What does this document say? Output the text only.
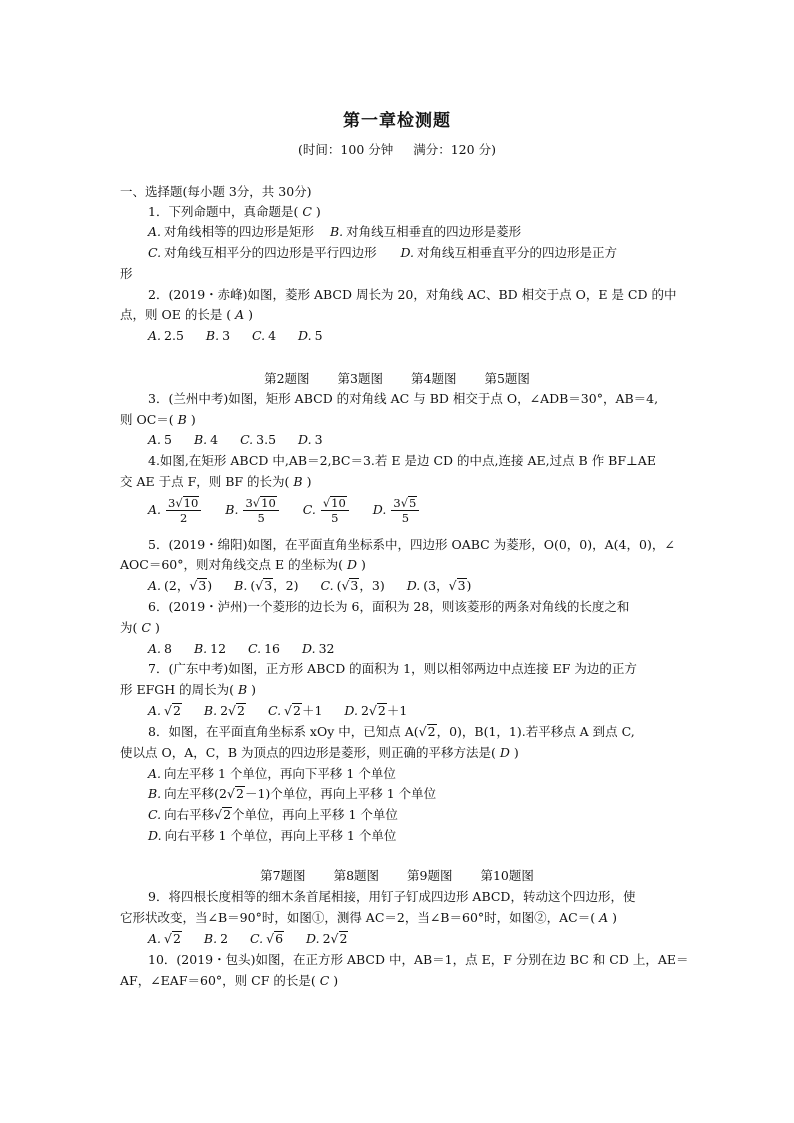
第一章检测题
(时间：100 分钟 满分：120 分)
一、选择题(每小题 3分，共 30分)
1．下列命题中，真命题是( C )
A. 对角线相等的四边形是矩形 B. 对角线互相垂直的四边形是菱形
C. 对角线互相平分的四边形是平行四边形 D. 对角线互相垂直平分的四边形是正方
形
2．(2019・赤峰)如图，菱形 ABCD 周长为 20，对角线 AC、BD 相交于点 O，E 是 CD 的中
点，则 OE 的长是 ( A )
A. 2.5 B. 3 C. 4 D. 5
第2题图 第3题图 第4题图 第5题图
3．(兰州中考)如图，矩形 ABCD 的对角线 AC 与 BD 相交于点 O，∠ADB＝30°，AB＝4,
则 OC＝( B )
A. 5 B. 4 C. 3.5 D. 3
4.如图,在矩形 ABCD 中,AB＝2,BC＝3.若 E 是边 CD 的中点,连接 AE,过点 B 作 BF⊥AE
交 AE 于点 F，则 BF 的长为( B )
A. $\frac{3√10}{2} B$. $\frac{3√10}{5} C$. $\frac{√10}{5} D$. $\frac{3√5}{5}$
5．(2019・绵阳)如图，在平面直角坐标系中，四边形 OABC 为菱形，O(0，0)，A(4，0)，∠
AOC＝60°，则对角线交点 E 的坐标为( D )
A. (2，√3) B. (√3，2) C. (√3，3) D. (3，√3)
6．(2019・泸州)一个菱形的边长为 6，面积为 28，则该菱形的两条对角线的长度之和
为( C )
A. 8 B. 12 C. 16 D. 32
7．(广东中考)如图，正方形 ABCD 的面积为 1，则以相邻两边中点连接 EF 为边的正方
形 EFGH 的周长为( B )
A. √2 B. 2√2 C. √2＋1 D. 2√2＋1
8．如图，在平面直角坐标系 xOy 中，已知点 A(√2，0)，B(1，1).若平移点 A 到点 C,
使以点 O，A，C，B 为顶点的四边形是菱形，则正确的平移方法是( D )
A. 向左平移 1 个单位，再向下平移 1 个单位
B. 向左平移(2√2－1)个单位，再向上平移 1 个单位
C. 向右平移√2个单位，再向上平移 1 个单位
D. 向右平移 1 个单位，再向上平移 1 个单位
第7题图 第8题图 第9题图 第10题图
9．将四根长度相等的细木条首尾相接，用钉子钉成四边形 ABCD，转动这个四边形，使
它形状改变，当∠B＝90°时，如图①，测得 AC＝2，当∠B＝60°时，如图②，AC＝( A )
A. √2 B. 2 C. √6 D. 2√2
10．(2019・包头)如图，在正方形 ABCD 中，AB＝1，点 E，F 分别在边 BC 和 CD 上，AE＝
AF，∠EAF＝60°，则 CF 的长是( C )
